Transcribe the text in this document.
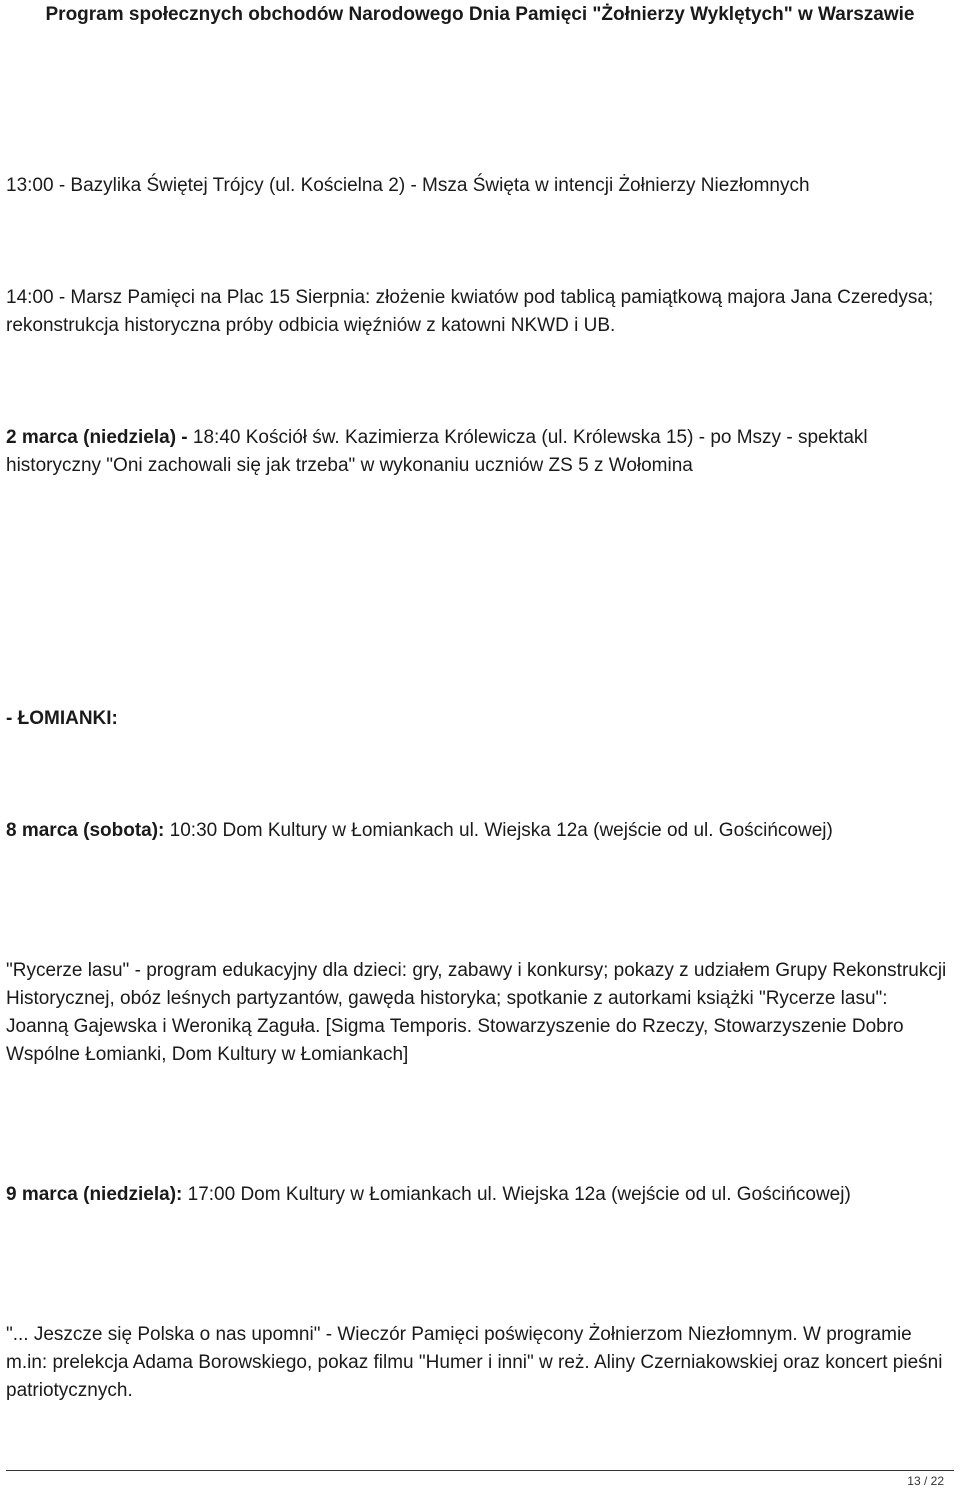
Program społecznych obchodów Narodowego Dnia Pamięci "Żołnierzy Wyklętych" w Warszawie

13:00 - Bazylika Świętej Trójcy (ul. Kościelna 2) - Msza Święta w intencji Żołnierzy Niezłomnych

14:00 - Marsz Pamięci na Plac 15 Sierpnia: złożenie kwiatów pod tablicą pamiątkową majora Jana Czeredysa; rekonstrukcja historyczna próby odbicia więźniów z katowni NKWD i UB.

2 marca (niedziela) - 18:40 Kościół św. Kazimierza Królewicza (ul. Królewska 15) - po Mszy - spektakl historyczny "Oni zachowali się jak trzeba" w wykonaniu uczniów ZS 5 z Wołomina

- ŁOMIANKI:

8 marca (sobota): 10:30 Dom Kultury w Łomiankach ul. Wiejska 12a (wejście od ul. Gościńcowej)

"Rycerze lasu" - program edukacyjny dla dzieci: gry, zabawy i konkursy; pokazy z udziałem Grupy Rekonstrukcji Historycznej, obóz leśnych partyzantów, gawęda historyka; spotkanie z autorkami książki "Rycerze lasu": Joanną Gajewska i Weroniką Zaguła. [Sigma Temporis. Stowarzyszenie do Rzeczy, Stowarzyszenie Dobro Wspólne Łomianki, Dom Kultury w Łomiankach]

9 marca (niedziela): 17:00 Dom Kultury w Łomiankach ul. Wiejska 12a (wejście od ul. Gościńcowej)

"... Jeszcze się Polska o nas upomni" - Wieczór Pamięci poświęcony Żołnierzom Niezłomnym. W programie m.in: prelekcja Adama Borowskiego, pokaz filmu "Humer i inni" w reż. Aliny Czerniakowskiej oraz koncert pieśni patriotycznych.

13 / 22
